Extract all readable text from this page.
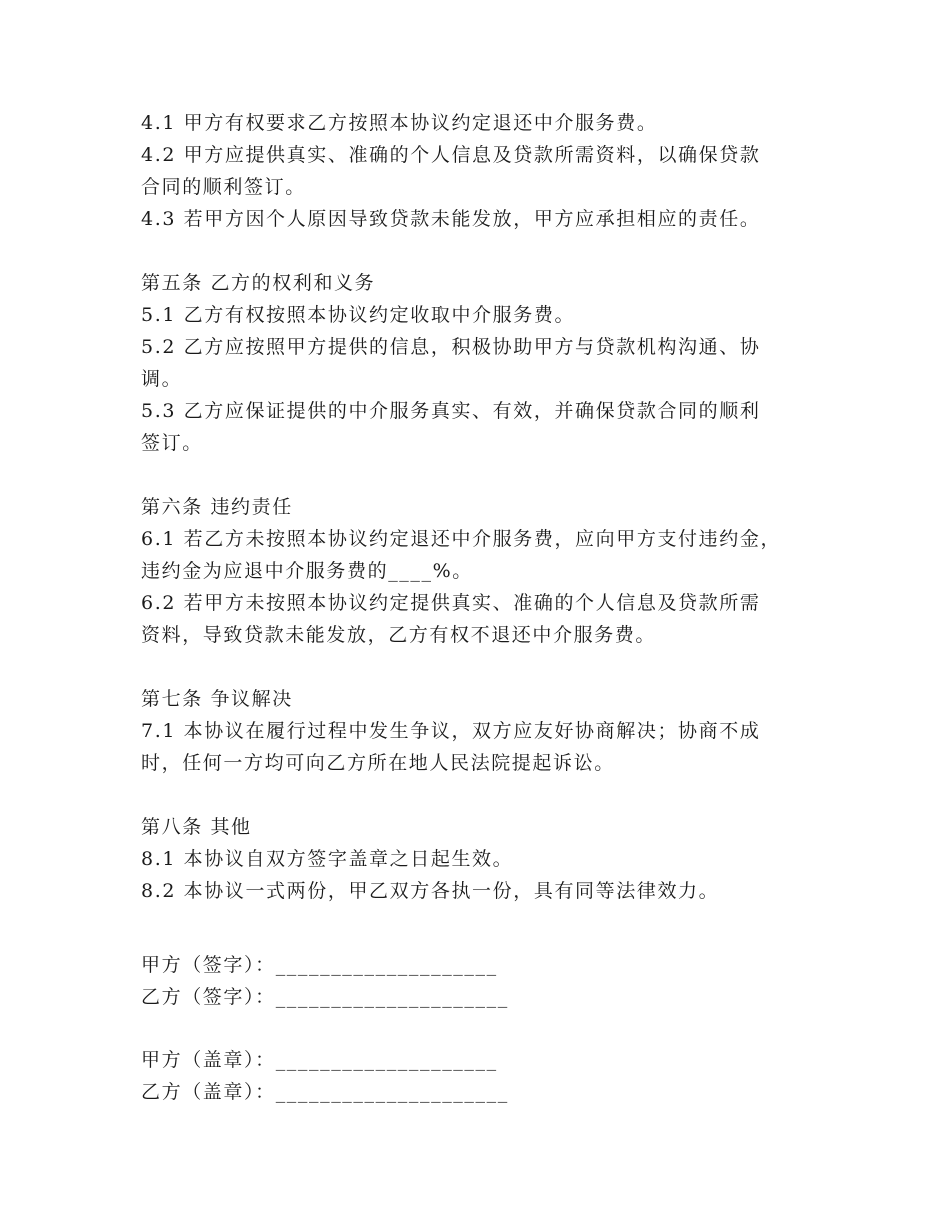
4.1 甲方有权要求乙方按照本协议约定退还中介服务费。
4.2 甲方应提供真实、准确的个人信息及贷款所需资料，以确保贷款
合同的顺利签订。
4.3 若甲方因个人原因导致贷款未能发放，甲方应承担相应的责任。
第五条 乙方的权利和义务
5.1 乙方有权按照本协议约定收取中介服务费。
5.2 乙方应按照甲方提供的信息，积极协助甲方与贷款机构沟通、协
调。
5.3 乙方应保证提供的中介服务真实、有效，并确保贷款合同的顺利
签订。
第六条 违约责任
6.1 若乙方未按照本协议约定退还中介服务费，应向甲方支付违约金，
违约金为应退中介服务费的____%。
6.2 若甲方未按照本协议约定提供真实、准确的个人信息及贷款所需
资料，导致贷款未能发放，乙方有权不退还中介服务费。
第七条 争议解决
7.1 本协议在履行过程中发生争议，双方应友好协商解决；协商不成
时，任何一方均可向乙方所在地人民法院提起诉讼。
第八条 其他
8.1 本协议自双方签字盖章之日起生效。
8.2 本协议一式两份，甲乙双方各执一份，具有同等法律效力。
甲方（签字）：____________________
乙方（签字）：_____________________
甲方（盖章）：____________________
乙方（盖章）：_____________________
